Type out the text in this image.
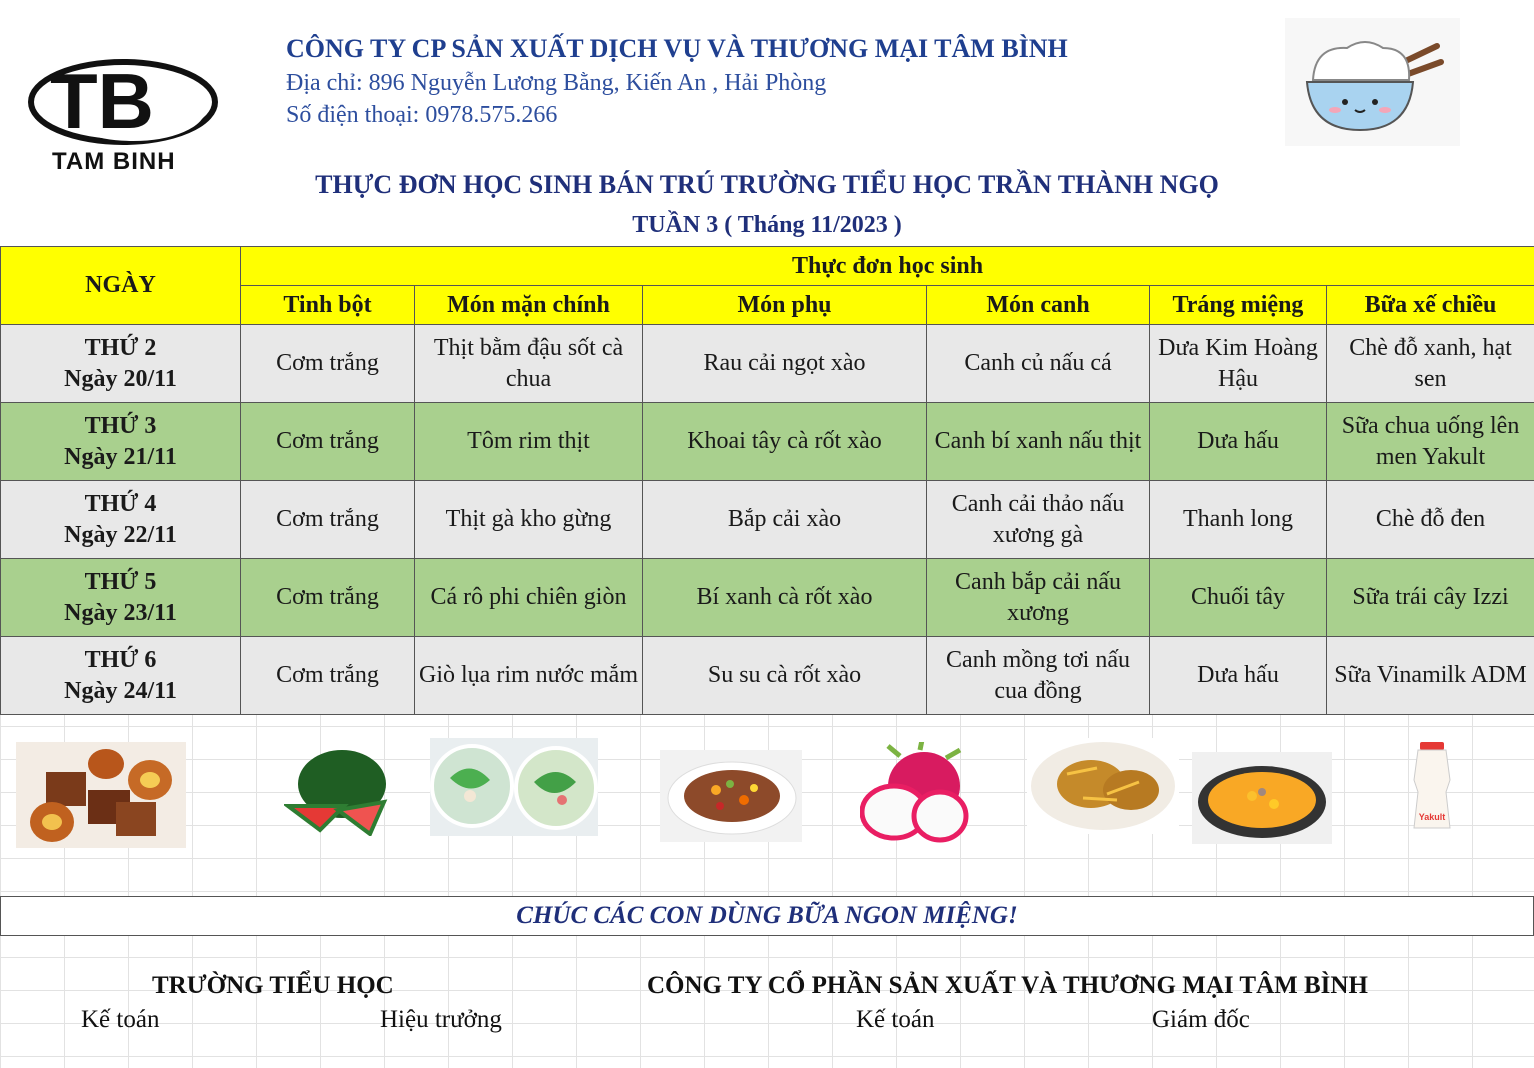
TB
TAM BINH
CÔNG TY CP SẢN XUẤT DỊCH VỤ VÀ THƯƠNG MẠI TÂM BÌNH
Địa chỉ: 896 Nguyễn Lương Bằng, Kiến An , Hải Phòng
Số điện thoại: 0978.575.266
THỰC ĐƠN HỌC SINH BÁN TRÚ TRƯỜNG TIỂU HỌC TRẦN THÀNH NGỌ
TUẦN 3 ( Tháng 11/2023 )
NGÀY	Thực đơn học sinh					
	Tinh bột	Món mặn chính	Món phụ	Món canh	Tráng miệng	Bữa xế chiều
THỨ 2
Ngày 20/11	Cơm trắng	Thịt bằm đậu sốt cà chua	Rau cải ngọt xào	Canh củ nấu cá	Dưa Kim Hoàng Hậu	Chè đỗ xanh, hạt sen
THỨ 3
Ngày 21/11	Cơm trắng	Tôm rim thịt	Khoai tây cà rốt xào	Canh bí xanh nấu thịt	Dưa hấu	Sữa chua uống lên men Yakult
THỨ 4
Ngày 22/11	Cơm trắng	Thịt gà kho gừng	Bắp cải xào	Canh cải thảo nấu xương gà	Thanh long	Chè đỗ đen
THỨ 5
Ngày 23/11	Cơm trắng	Cá rô phi chiên giòn	Bí xanh cà rốt xào	Canh bắp cải nấu xương	Chuối tây	Sữa trái cây Izzi
THỨ 6
Ngày 24/11	Cơm trắng	Giò lụa rim nước mắm	Su su cà rốt xào	Canh mồng tơi nấu cua đồng	Dưa hấu	Sữa Vinamilk ADM
Yakult
CHÚC CÁC CON DÙNG BỮA NGON MIỆNG!
TRƯỜNG TIỂU HỌC
Kế toán	Hiệu trưởng
CÔNG TY CỔ PHẦN SẢN XUẤT VÀ THƯƠNG MẠI TÂM BÌNH
Kế toán	Giám đốc
